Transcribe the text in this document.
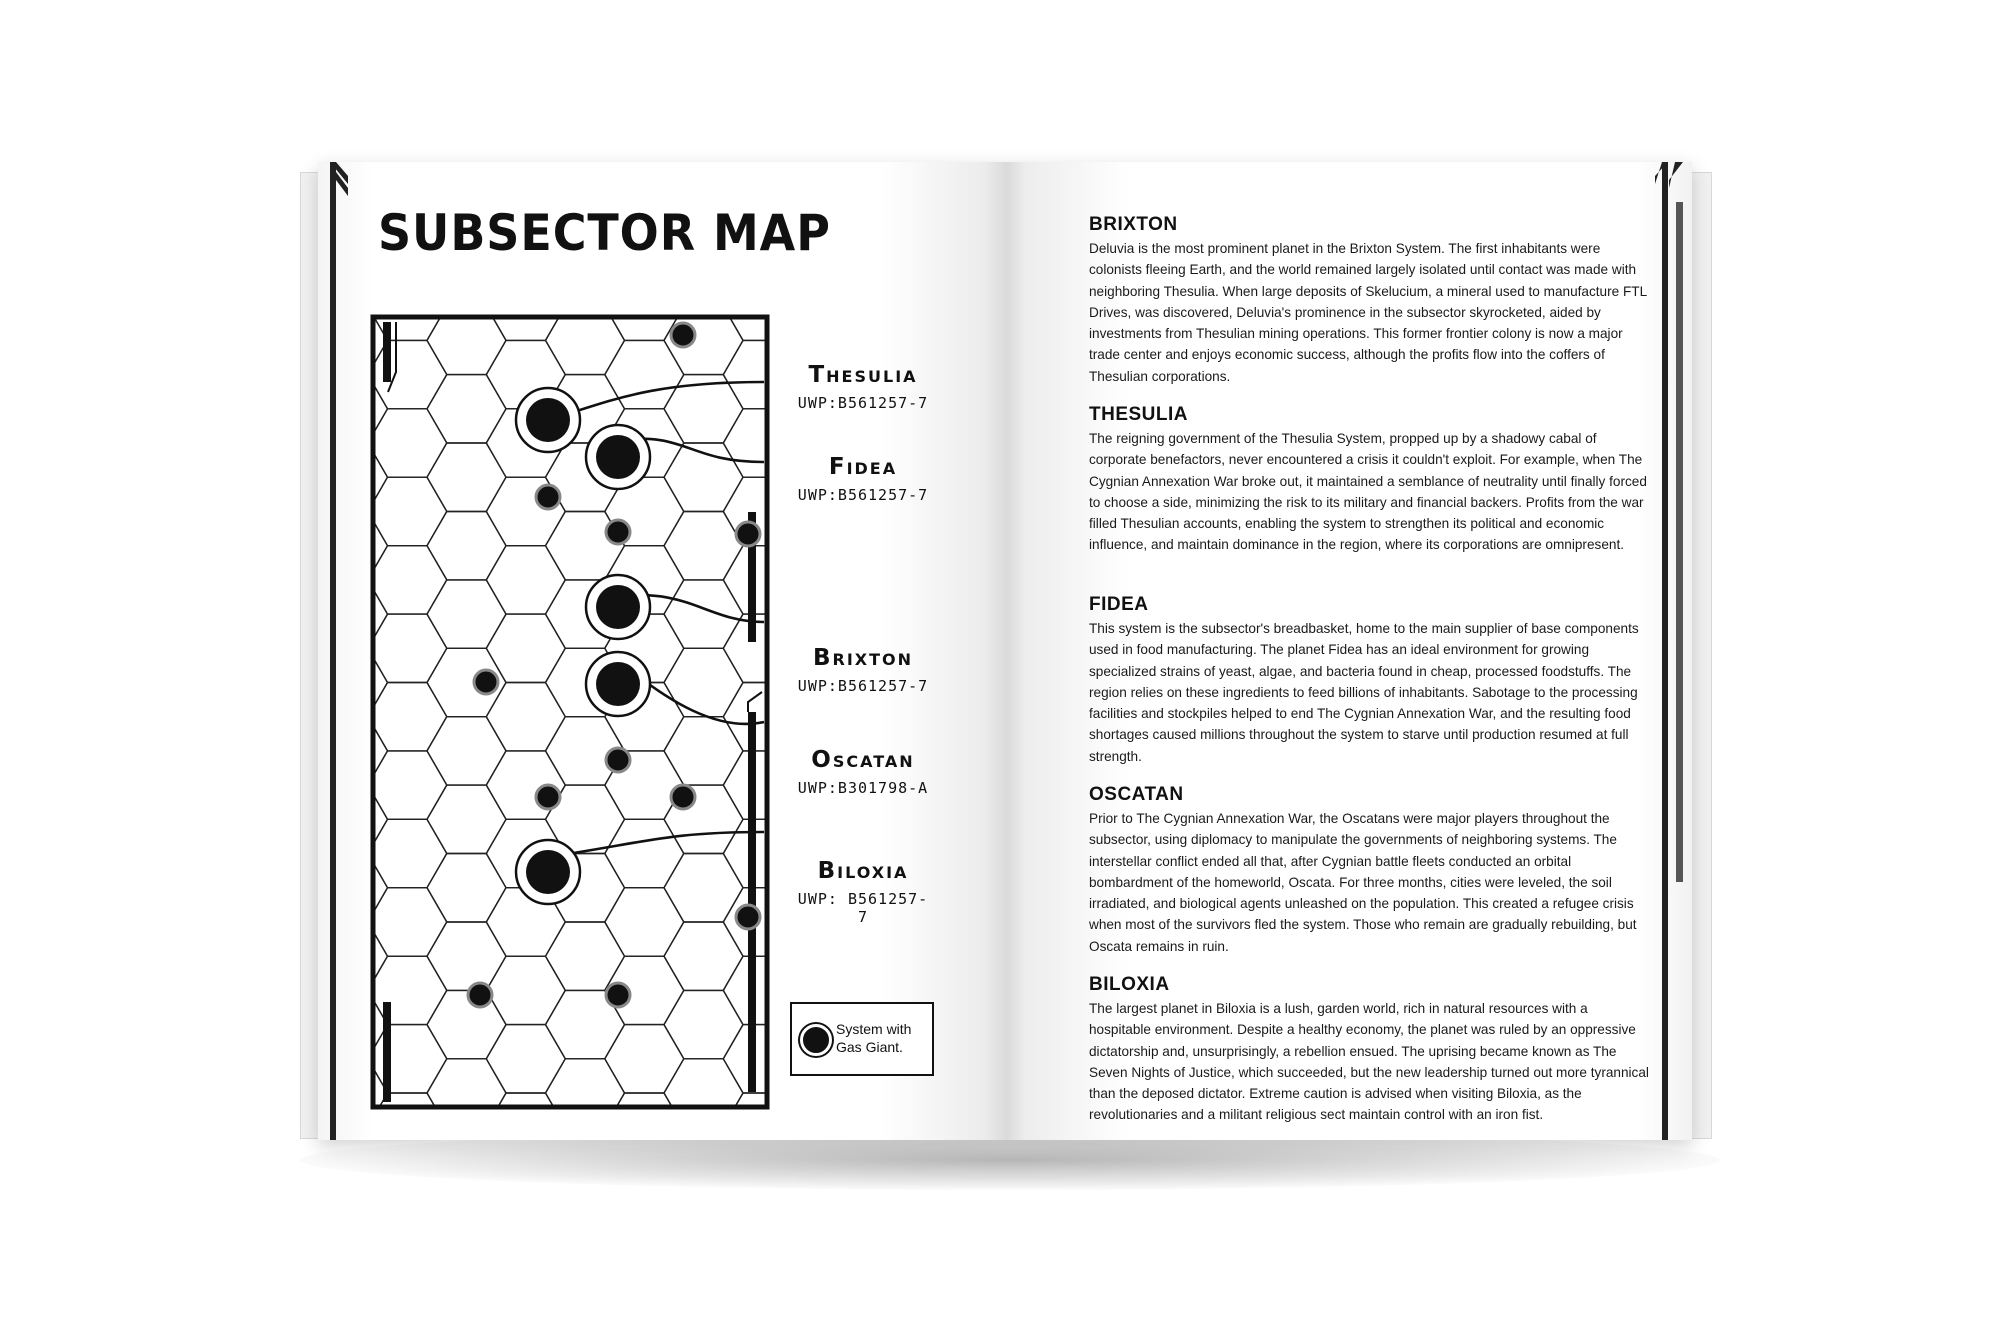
SUBSECTOR MAP
Thesulia
UWP:B561257-7
Fidea
UWP:B561257-7
Brixton
UWP:B561257-7
Oscatan
UWP:B301798-A
Biloxia
UWP: B561257-7
System with Gas Giant.
BRIXTON

Deluvia is the most prominent planet in the Brixton System. The first inhabitants were colonists fleeing Earth, and the world remained largely isolated until contact was made with neighboring Thesulia. When large deposits of Skelucium, a mineral used to manufacture FTL Drives, was discovered, Deluvia's prominence in the subsector skyrocketed, aided by investments from Thesulian mining operations. This former frontier colony is now a major trade center and enjoys economic success, although the profits flow into the coffers of Thesulian corporations.

THESULIA

The reigning government of the Thesulia System, propped up by a shadowy cabal of corporate benefactors, never encountered a crisis it couldn't exploit. For example, when The Cygnian Annexation War broke out, it maintained a semblance of neutrality until finally forced to choose a side, minimizing the risk to its military and financial backers. Profits from the war filled Thesulian accounts, enabling the system to strengthen its political and economic influence, and maintain dominance in the region, where its corporations are omnipresent.

FIDEA

This system is the subsector's breadbasket, home to the main supplier of base components used in food manufacturing. The planet Fidea has an ideal environment for growing specialized strains of yeast, algae, and bacteria found in cheap, processed foodstuffs. The region relies on these ingredients to feed billions of inhabitants. Sabotage to the processing facilities and stockpiles helped to end The Cygnian Annexation War, and the resulting food shortages caused millions throughout the system to starve until production resumed at full strength.

OSCATAN

Prior to The Cygnian Annexation War, the Oscatans were major players throughout the subsector, using diplomacy to manipulate the governments of neighboring systems. The interstellar conflict ended all that, after Cygnian battle fleets conducted an orbital bombardment of the homeworld, Oscata. For three months, cities were leveled, the soil irradiated, and biological agents unleashed on the population. This created a refugee crisis when most of the survivors fled the system. Those who remain are gradually rebuilding, but Oscata remains in ruin.

BILOXIA

The largest planet in Biloxia is a lush, garden world, rich in natural resources with a hospitable environment. Despite a healthy economy, the planet was ruled by an oppressive dictatorship and, unsurprisingly, a rebellion ensued. The uprising became known as The Seven Nights of Justice, which succeeded, but the new leadership turned out more tyrannical than the deposed dictator. Extreme caution is advised when visiting Biloxia, as the revolutionaries and a militant religious sect maintain control with an iron fist.
